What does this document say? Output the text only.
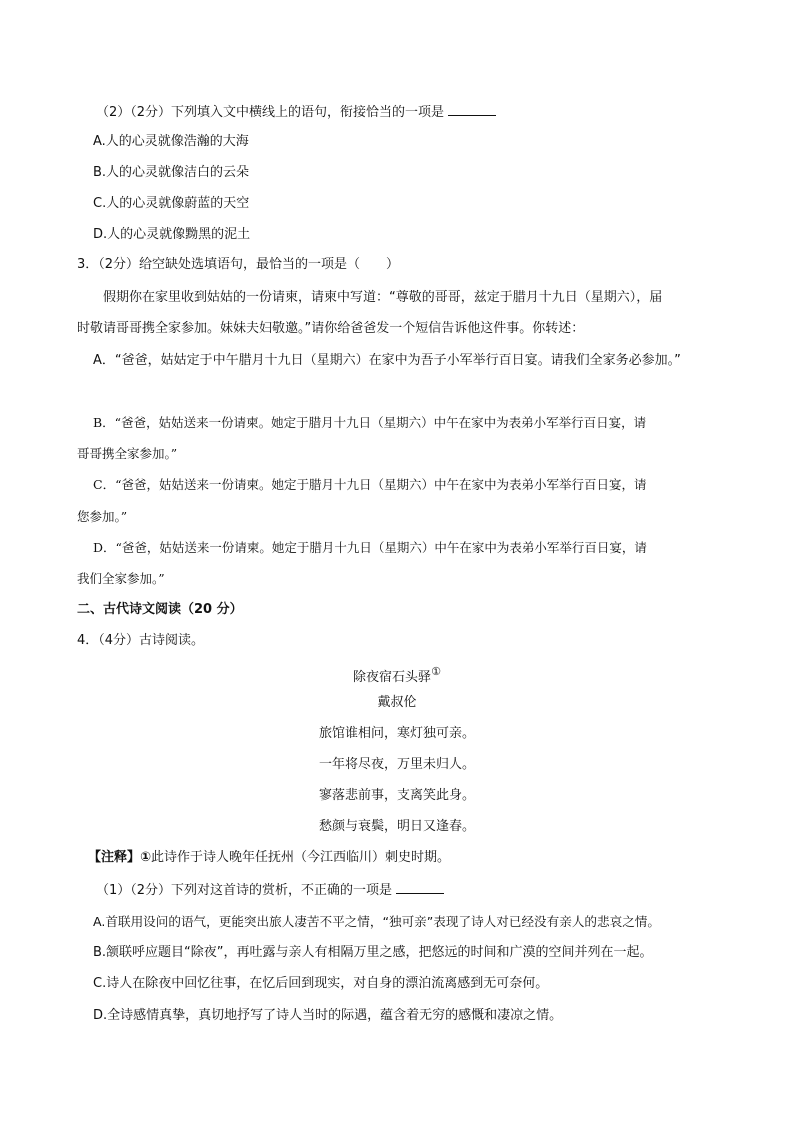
（2）（2分）下列填入文中横线上的语句，衔接恰当的一项是
A.人的心灵就像浩瀚的大海
B.人的心灵就像洁白的云朵
C.人的心灵就像蔚蓝的天空
D.人的心灵就像黝黑的泥土
3．（2分）给空缺处选填语句，最恰当的一项是（　　）
假期你在家里收到姑姑的一份请柬，请柬中写道：“尊敬的哥哥，兹定于腊月十九日（星期六），届
时敬请哥哥携全家参加。妹妹夫妇敬邀。”请你给爸爸发一个短信告诉他这件事。你转述：
A．“爸爸，姑姑定于中午腊月十九日（星期六）在家中为吾子小军举行百日宴。请我们全家务必参加。”
B．“爸爸，姑姑送来一份请柬。她定于腊月十九日（星期六）中午在家中为表弟小军举行百日宴，请
哥哥携全家参加。”
C．“爸爸，姑姑送来一份请柬。她定于腊月十九日（星期六）中午在家中为表弟小军举行百日宴，请
您参加。”
D．“爸爸，姑姑送来一份请柬。她定于腊月十九日（星期六）中午在家中为表弟小军举行百日宴，请
我们全家参加。”
二、古代诗文阅读（20 分）
4．（4分）古诗阅读。
除夜宿石头驿①
戴叔伦
旅馆谁相问，寒灯独可亲。
一年将尽夜，万里未归人。
寥落悲前事，支离笑此身。
愁颜与衰鬓，明日又逢春。
【注释】①此诗作于诗人晚年任抚州（今江西临川）刺史时期。
（1）（2分）下列对这首诗的赏析，不正确的一项是
A.首联用设问的语气，更能突出旅人凄苦不平之情，“独可亲”表现了诗人对已经没有亲人的悲哀之情。
B.颔联呼应题目“除夜”，再吐露与亲人有相隔万里之感，把悠远的时间和广漠的空间并列在一起。
C.诗人在除夜中回忆往事，在忆后回到现实，对自身的漂泊流离感到无可奈何。
D.全诗感情真挚，真切地抒写了诗人当时的际遇，蕴含着无穷的感慨和凄凉之情。
